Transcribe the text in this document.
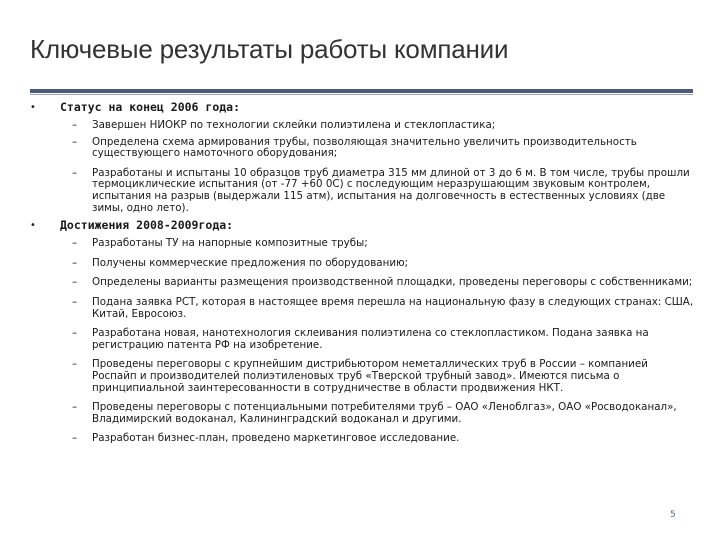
Ключевые результаты работы компании
• Статус на конец 2006 года:
– Завершен НИОКР по технологии склейки полиэтилена и стеклопластика;
– Определена схема армирования трубы, позволяющая значительно увеличить производительность существующего намоточного оборудования;
– Разработаны и испытаны 10 образцов труб диаметра 315 мм длиной от 3 до 6 м. В том числе, трубы прошли термоциклические испытания (от -77 +60 0С) с последующим неразрушающим звуковым контролем, испытания на разрыв (выдержали 115 атм), испытания на долговечность в естественных условиях (две зимы, одно лето).
• Достижения 2008-2009года:
– Разработаны ТУ на напорные композитные трубы;
– Получены коммерческие предложения по оборудованию;
– Определены варианты размещения производственной площадки, проведены переговоры с собственниками;
– Подана заявка РСТ, которая в настоящее время перешла на национальную фазу в следующих странах: США, Китай, Евросоюз.
– Разработана новая, нанотехнология склеивания полиэтилена со стеклопластиком. Подана заявка на регистрацию патента РФ на изобретение.
– Проведены переговоры с крупнейшим дистрибьютором неметаллических труб в России – компанией Роспайп и производителей полиэтиленовых труб «Тверской трубный завод». Имеются письма о принципиальной заинтересованности в сотрудничестве в области продвижения НКТ.
– Проведены переговоры с потенциальными потребителями труб – ОАО «Леноблгаз», ОАО «Росводоканал», Владимирский водоканал, Калининградский водоканал и другими.
– Разработан бизнес-план, проведено маркетинговое исследование.
5
